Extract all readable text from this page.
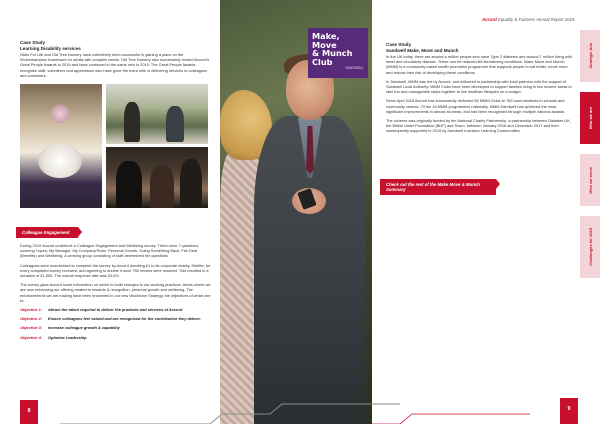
Case Study
Learning Disability services
Skills For Life and Old Tree Nursery have collectively been successful in gaining a place on the Wolverhampton framework for adults with complex needs. Old Tree Nursery also successfully hosted Accord's Great People Awards in 2018 and have continued in the same vein in 2019. The Great People Awards recognise staff, volunteers and apprentices who have gone the extra mile in delivering services to colleagues and customers.
Colleague Engagement

During 2019 Accord undertook a Colleague Engagement and Wellbeing survey. There were 7 questions, covering Topics; My Manager, My Company/Team, Personal Growth, Going Something Back, Fair Deal (Benefits) and Wellbeing. A working group consisting of staff determined the questions.

Colleagues were incentivised to complete the survey by Accord donating £1 to its corporate charity, Shelter, for every completed survey received, and agreeing to double it once 750 returns were reached. This resulted in a donation of £1,500. The overall response rate was 53.4%.

The survey gave Accord some information on which to build changes to our working practices. Areas where we are now enhancing our offering related to rewards & recognition, personal growth and wellbeing. The enhancements we are making have been enshrined in our new Workforce Strategy, the objectives of which are to:

Objective 1:	Attract the talent required to deliver the products and services of Accord
Objective 2:	Ensure colleagues feel valued and are recognised for the contribution they deliver.
Objective 3:	Increase colleague growth & capability
Objective 4:	Optimise Leadership
8
Make,
Move
& Munch
Club
SANDWELL
Accord Equality & Fairness Annual Report 2019
Case Study
Sandwell Make, Move and Munch

In the UK today, there are around a million people who have Type 2 diabetes and around 7 million living with heart and circulatory disease. These can be reduced life-threatening conditions. Make Move and Munch (MMM) is a community based health promotion programme that supports people to eat better, move more and reduce their risk of developing these conditions.

In Sandwell, MMM was led by Accord, and delivered in partnership with local partners with the support of Sandwell Local Authority. MMM Clubs have been developed to support families living in low income areas to take fun and manageable steps together to live healthier lifestyles on a budget.

Since April 2016 Accord has successfully delivered 50 MMM Clubs to 769 local residents in schools and community venues. Of the 16 MMM programmes nationally, MMM Sandwell has achieved the most significant improvements in almost all areas, and has been recognised through multiple national awards.

The scheme was originally funded by the National Charity Partnership, a partnership between Diabetes UK, the British Heart Foundation (BHF) and Tesco, between January 2016 and December 2017 and then subsequently supported in 2019 by Sandwell Inclusion Learning Communities.

Check out the rest of the Make Move & Munch Summary
Strategic Aim
Who we are
Who we serve
Challenges for 2019
9
